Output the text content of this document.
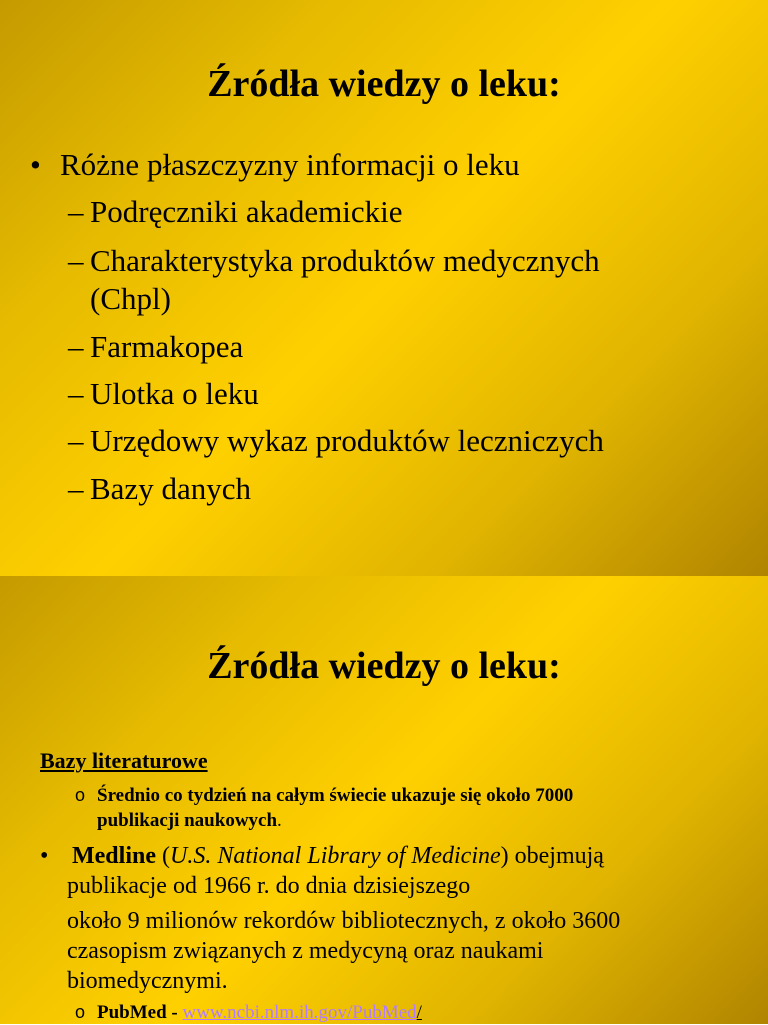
Źródła wiedzy o leku:
• Różne płaszczyzny informacji o leku
– Podręczniki akademickie
– Charakterystyka produktów medycznych
(Chpl)
– Farmakopea
– Ulotka o leku
– Urzędowy wykaz produktów leczniczych
– Bazy danych
Źródła wiedzy o leku:
Bazy literaturowe
o Średnio co tydzień na całym świecie ukazuje się około 7000
publikacji naukowych.
• Medline (U.S. National Library of Medicine) obejmują
publikacje od 1966 r. do dnia dzisiejszego
około 9 milionów rekordów bibliotecznych, z około 3600
czasopism związanych z medycyną oraz naukami
biomedycznymi.
o PubMed - www.ncbi.nlm.ih.gov/PubMed/
